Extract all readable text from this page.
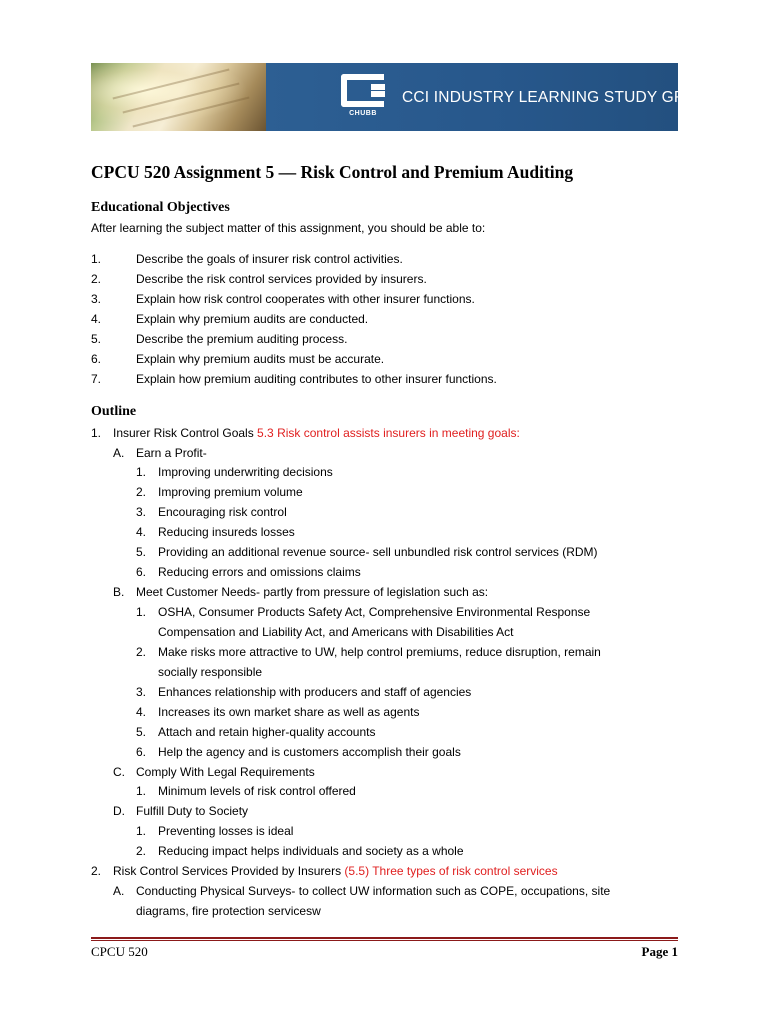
CHUBB
CCI INDUSTRY LEARNING STUDY GROUPS
CPCU 520 Assignment 5 — Risk Control and Premium Auditing
Educational Objectives
After learning the subject matter of this assignment, you should be able to:
1.	Describe the goals of insurer risk control activities.
2.	Describe the risk control services provided by insurers.
3.	Explain how risk control cooperates with other insurer functions.
4.	Explain why premium audits are conducted.
5.	Describe the premium auditing process.
6.	Explain why premium audits must be accurate.
7.	Explain how premium auditing contributes to other insurer functions.
Outline
1. Insurer Risk Control Goals 5.3 Risk control assists insurers in meeting goals:
A. Earn a Profit-
1. Improving underwriting decisions
2. Improving premium volume
3. Encouraging risk control
4. Reducing insureds losses
5. Providing an additional revenue source- sell unbundled risk control services (RDM)
6. Reducing errors and omissions claims
B. Meet Customer Needs- partly from pressure of legislation such as:
1. OSHA, Consumer Products Safety Act, Comprehensive Environmental Response
Compensation and Liability Act, and Americans with Disabilities Act
2. Make risks more attractive to UW, help control premiums, reduce disruption, remain
socially responsible
3. Enhances relationship with producers and staff of agencies
4. Increases its own market share as well as agents
5. Attach and retain higher-quality accounts
6. Help the agency and is customers accomplish their goals
C. Comply With Legal Requirements
1. Minimum levels of risk control offered
D. Fulfill Duty to Society
1. Preventing losses is ideal
2. Reducing impact helps individuals and society as a whole
2. Risk Control Services Provided by Insurers (5.5) Three types of risk control services
A. Conducting Physical Surveys- to collect UW information such as COPE, occupations, site
diagrams, fire protection servicesw
CPCU 520	Page 1
